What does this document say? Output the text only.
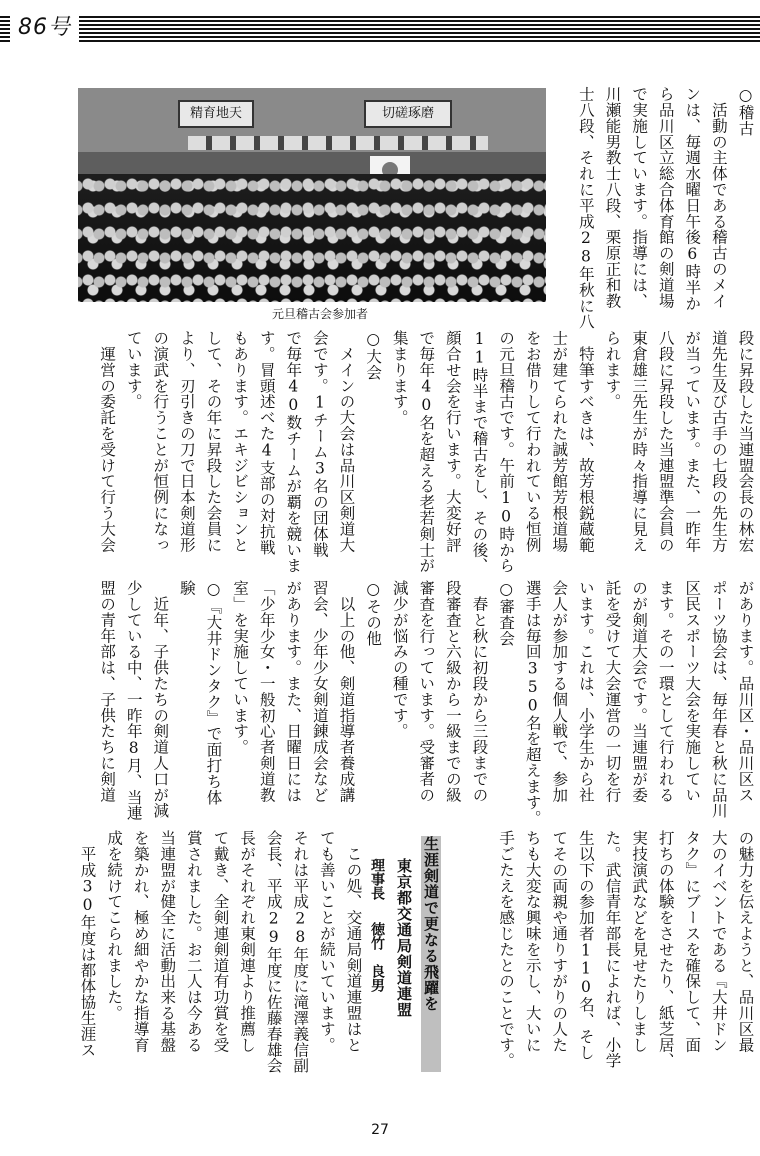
86号
精育地天	切磋琢磨
元旦稽古会参加者
○稽古
　活動の主体である稽古のメイ
ンは、毎週水曜日午後6時半か
ら品川区立総合体育館の剣道場
で実施しています。指導には、
川瀬能男教士八段、栗原正和教
士八段、それに平成28年秋に八
段に昇段した当連盟会長の林宏
道先生及び古手の七段の先生方
が当っています。また、一昨年
八段に昇段した当連盟準会員の
東倉雄三先生が時々指導に見え
られます。
　特筆すべきは、故芳根鋭蔵範
士が建てられた誠芳館芳根道場
をお借りして行われている恒例
の元旦稽古です。午前10時から
11時半まで稽古をし、その後、
顔合せ会を行います。大変好評
で毎年40名を超える老若剣士が
集まります。
○大会
　メインの大会は品川区剣道大
会です。1チーム3名の団体戦
で毎年40数チームが覇を競いま
す。冒頭述べた4支部の対抗戦
もあります。エキジビションと
して、その年に昇段した会員に
より、刃引きの刀で日本剣道形
の演武を行うことが恒例になっ
ています。
　運営の委託を受けて行う大会
があります。品川区・品川区ス
ポーツ協会は、毎年春と秋に品川
区民スポーツ大会を実施してい
ます。その一環として行われる
のが剣道大会です。当連盟が委
託を受けて大会運営の一切を行
います。これは、小学生から社
会人が参加する個人戦で、参加
選手は毎回350名を超えます。
○審査会
　春と秋に初段から三段までの
段審査と六級から一級までの級
審査を行っています。受審者の
減少が悩みの種です。
○その他
　以上の他、剣道指導者養成講
習会、少年少女剣道錬成会など
があります。また、日曜日には
「少年少女・一般初心者剣道教
室」を実施しています。
○『大井ドンタク』で面打ち体
験
　近年、子供たちの剣道人口が減
少している中、一昨年8月、当連
盟の青年部は、子供たちに剣道
の魅力を伝えようと、品川区最
大のイベントである『大井ドン
タク』にブースを確保して、面
打ちの体験をさせたり、紙芝居、
実技演武などを見せたりしまし
た。武信青年部長によれば、小学
生以下の参加者110名、そし
てその両親や通りすがりの人た
ちも大変な興味を示し、大いに
手ごたえを感じたとのことです。
生涯剣道で更なる飛躍を
東京都交通局剣道連盟
理事長徳竹　良男
　この処、交通局剣道連盟はと
ても善いことが続いています。
それは平成28年度に滝澤義信副
会長、平成29年度に佐藤春雄会
長がそれぞれ東剣連より推薦し
て戴き、全剣連剣道有功賞を受
賞されました。お二人は今ある
当連盟が健全に活動出来る基盤
を築かれ、極め細やかな指導育
成を続けてこられました。
　平成30年度は都体協生涯ス
27
